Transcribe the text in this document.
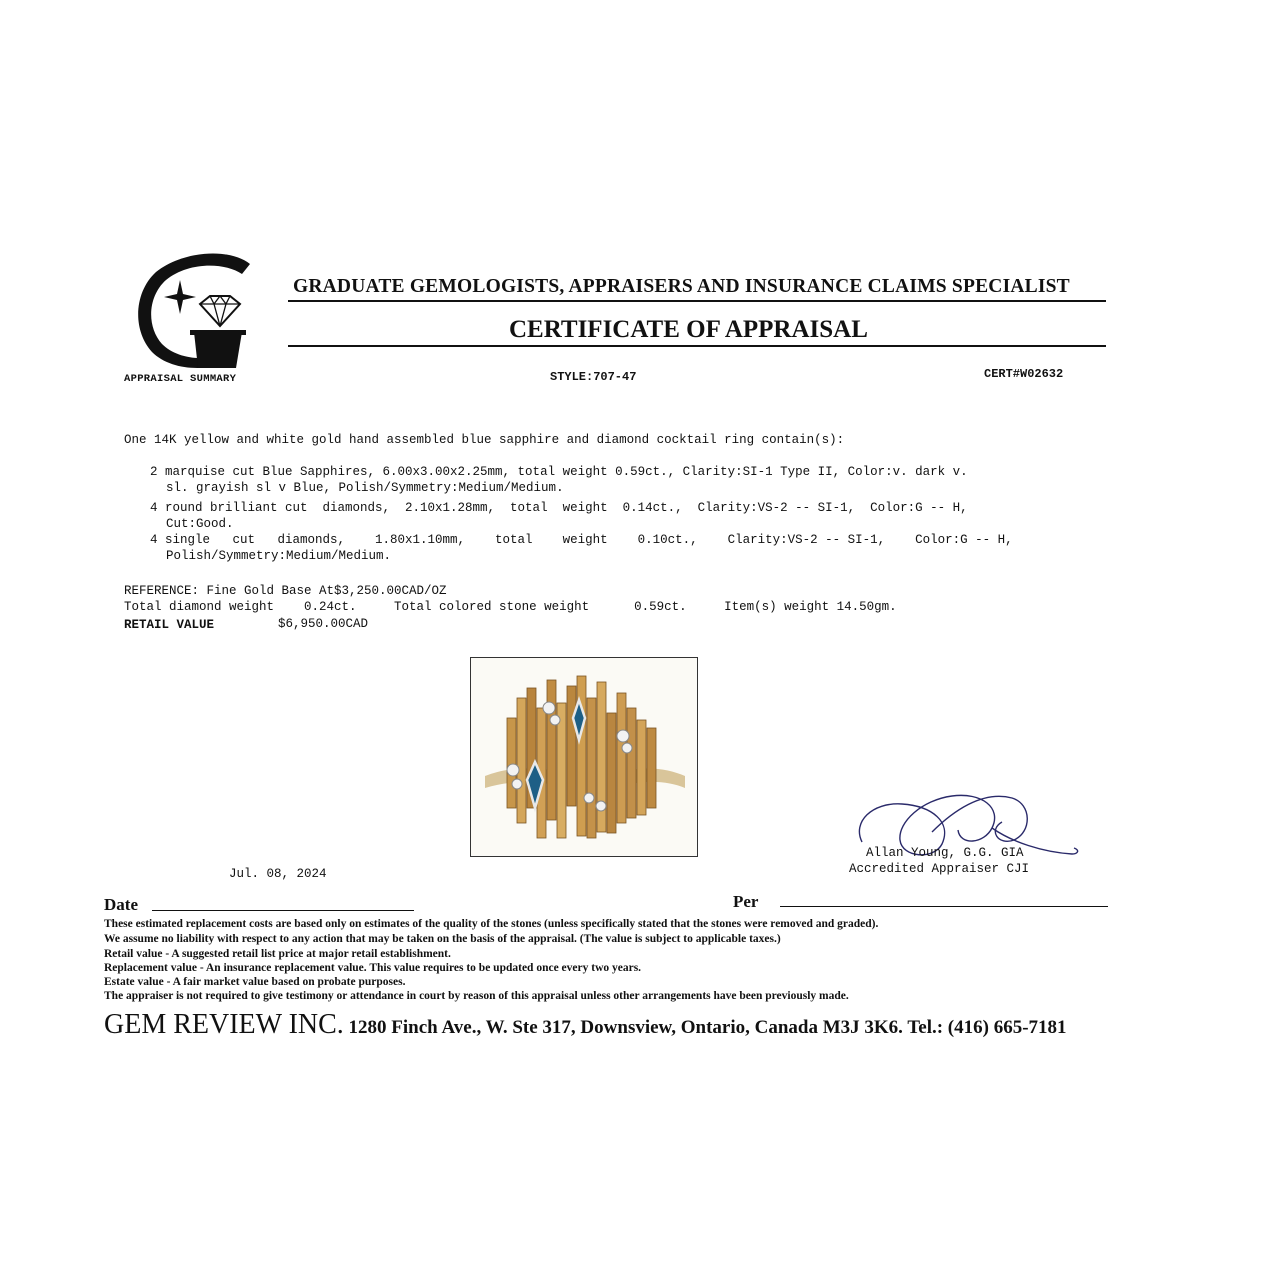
APPRAISAL SUMMARY
GRADUATE GEMOLOGISTS, APPRAISERS AND INSURANCE CLAIMS SPECIALIST
CERTIFICATE OF APPRAISAL
STYLE:707-47	CERT#W02632
One 14K yellow and white gold hand assembled blue sapphire and diamond cocktail ring contain(s):
2 marquise cut Blue Sapphires, 6.00x3.00x2.25mm, total weight 0.59ct., Clarity:SI-1 Type II, Color:v. dark v.
sl. grayish sl v Blue, Polish/Symmetry:Medium/Medium.
4 round brilliant cut  diamonds,  2.10x1.28mm,  total  weight  0.14ct.,  Clarity:VS-2 -- SI-1,  Color:G -- H,
Cut:Good.
4 single   cut   diamonds,    1.80x1.10mm,    total    weight    0.10ct.,    Clarity:VS-2 -- SI-1,    Color:G -- H,
Polish/Symmetry:Medium/Medium.
REFERENCE: Fine Gold Base At$3,250.00CAD/OZ
Total diamond weight    0.24ct.     Total colored stone weight      0.59ct.     Item(s) weight 14.50gm.
RETAIL VALUE	$6,950.00CAD
Allan Young, G.G. GIA
Accredited Appraiser CJI
Jul. 08, 2024
Date	Per
These estimated replacement costs are based only on estimates of the quality of the stones (unless specifically stated that the stones were removed and graded).
We assume no liability with respect to any action that may be taken on the basis of the appraisal. (The value is subject to applicable taxes.)
Retail value - A suggested retail list price at major retail establishment.
Replacement value - An insurance replacement value. This value requires to be updated once every two years.
Estate value - A fair market value based on probate purposes.
The appraiser is not required to give testimony or attendance in court by reason of this appraisal unless other arrangements have been previously made.
GEM REVIEW INC. 1280 Finch Ave., W. Ste 317, Downsview, Ontario, Canada M3J 3K6. Tel.: (416) 665-7181
